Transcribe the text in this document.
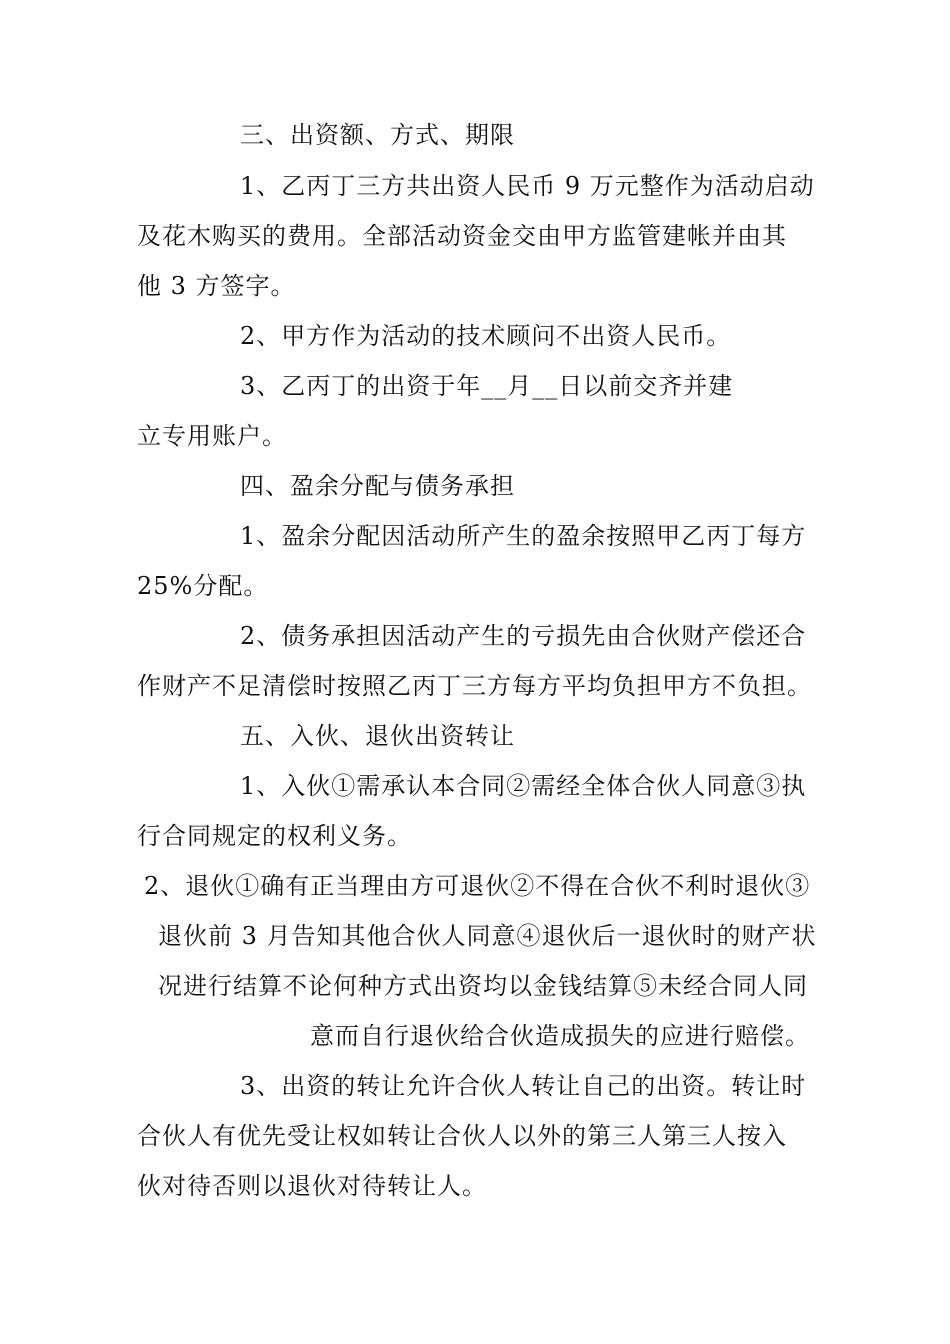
三、出资额、方式、期限

1、乙丙丁三方共出资人民币 9 万元整作为活动启动

及花木购买的费用。全部活动资金交由甲方监管建帐并由其

他 3 方签字。

2、甲方作为活动的技术顾问不出资人民币。

3、乙丙丁的出资于年__月__日以前交齐并建

立专用账户。

四、盈余分配与债务承担

1、盈余分配因活动所产生的盈余按照甲乙丙丁每方

25%分配。

2、债务承担因活动产生的亏损先由合伙财产偿还合

作财产不足清偿时按照乙丙丁三方每方平均负担甲方不负担。

五、入伙、退伙出资转让

1、入伙①需承认本合同②需经全体合伙人同意③执

行合同规定的权利义务。

2、退伙①确有正当理由方可退伙②不得在合伙不利时退伙③

退伙前 3 月告知其他合伙人同意④退伙后一退伙时的财产状

况进行结算不论何种方式出资均以金钱结算⑤未经合同人同

意而自行退伙给合伙造成损失的应进行赔偿。

3、出资的转让允许合伙人转让自己的出资。转让时

合伙人有优先受让权如转让合伙人以外的第三人第三人按入

伙对待否则以退伙对待转让人。
